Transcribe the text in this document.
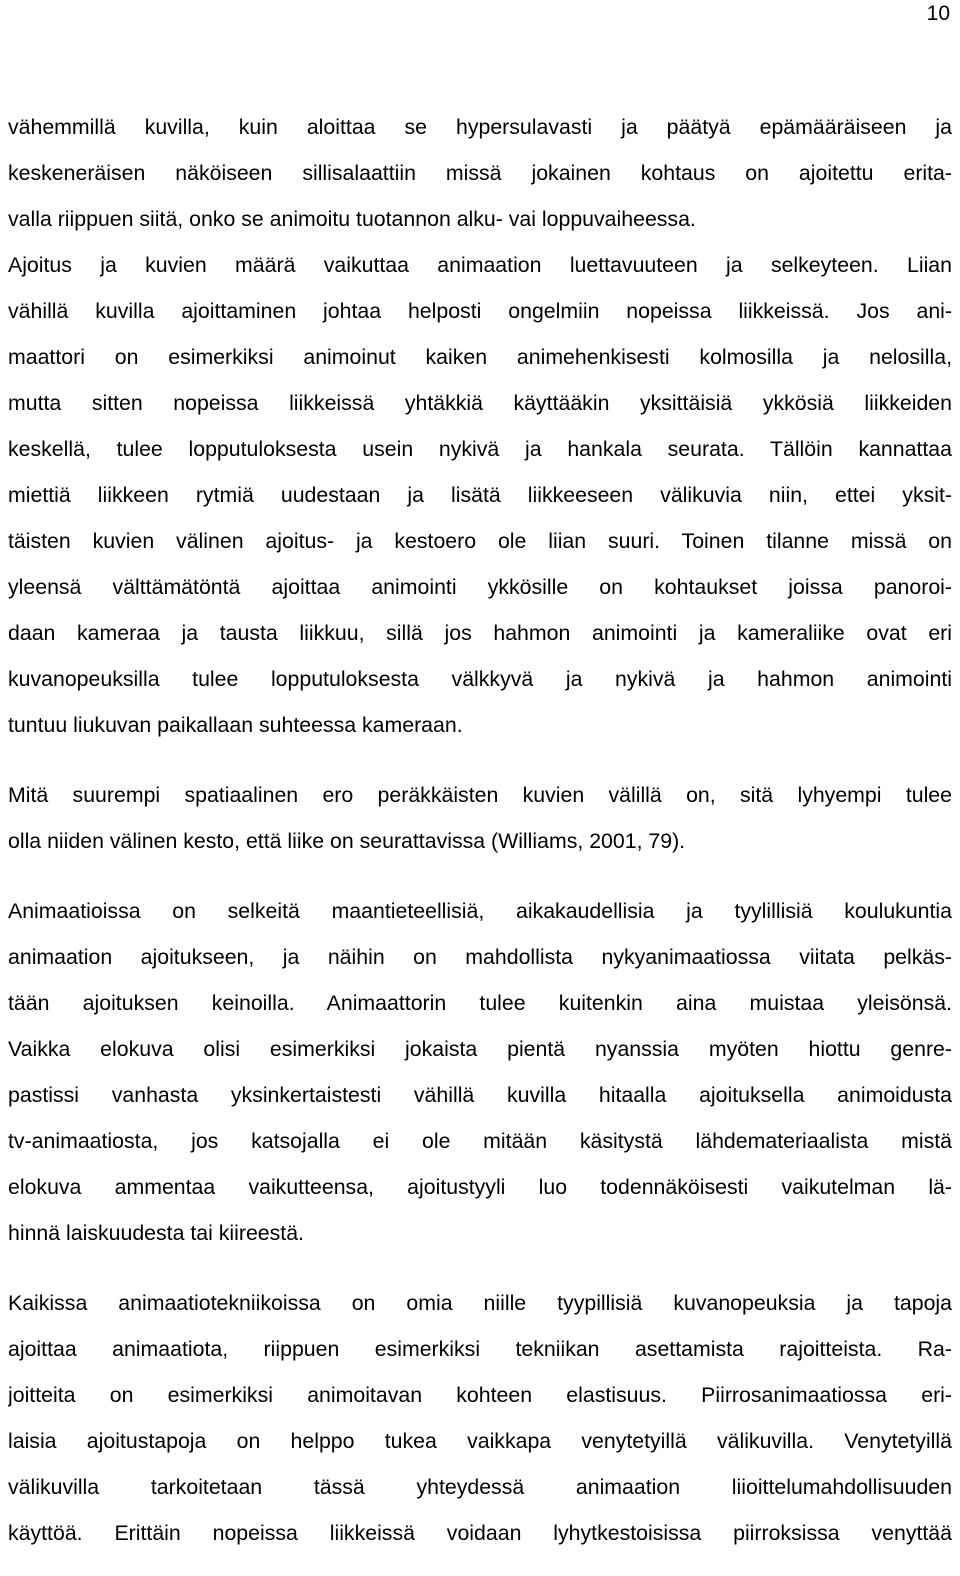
10
vähemmillä kuvilla, kuin aloittaa se hypersulavasti ja päätyä epämääräiseen ja
keskeneräisen näköiseen sillisalaattiin missä jokainen kohtaus on ajoitettu erita-
valla riippuen siitä, onko se animoitu tuotannon alku- vai loppuvaiheessa.
Ajoitus ja kuvien määrä vaikuttaa animaation luettavuuteen ja selkeyteen. Liian
vähillä kuvilla ajoittaminen johtaa helposti ongelmiin nopeissa liikkeissä. Jos ani-
maattori on esimerkiksi animoinut kaiken animehenkisesti kolmosilla ja nelosilla,
mutta sitten nopeissa liikkeissä yhtäkkiä käyttääkin yksittäisiä ykkösiä liikkeiden
keskellä, tulee lopputuloksesta usein nykivä ja hankala seurata. Tällöin kannattaa
miettiä liikkeen rytmiä uudestaan ja lisätä liikkeeseen välikuvia niin, ettei yksit-
täisten kuvien välinen ajoitus- ja kestoero ole liian suuri. Toinen tilanne missä on
yleensä välttämätöntä ajoittaa animointi ykkösille on kohtaukset joissa panoroi-
daan kameraa ja tausta liikkuu, sillä jos hahmon animointi ja kameraliike ovat eri
kuvanopeuksilla tulee lopputuloksesta välkkyvä ja nykivä ja hahmon animointi
tuntuu liukuvan paikallaan suhteessa kameraan.
Mitä suurempi spatiaalinen ero peräkkäisten kuvien välillä on, sitä lyhyempi tulee
olla niiden välinen kesto, että liike on seurattavissa (Williams, 2001, 79).
Animaatioissa on selkeitä maantieteellisiä, aikakaudellisia ja tyylillisiä koulukuntia
animaation ajoitukseen, ja näihin on mahdollista nykyanimaatiossa viitata pelkäs-
tään ajoituksen keinoilla. Animaattorin tulee kuitenkin aina muistaa yleisönsä.
Vaikka elokuva olisi esimerkiksi jokaista pientä nyanssia myöten hiottu genre-
pastissi vanhasta yksinkertaistesti vähillä kuvilla hitaalla ajoituksella animoidusta
tv-animaatiosta, jos katsojalla ei ole mitään käsitystä lähdemateriaalista mistä
elokuva ammentaa vaikutteensa, ajoitustyyli luo todennäköisesti vaikutelman lä-
hinnä laiskuudesta tai kiireestä.
Kaikissa animaatiotekniikoissa on omia niille tyypillisiä kuvanopeuksia ja tapoja
ajoittaa animaatiota, riippuen esimerkiksi tekniikan asettamista rajoitteista. Ra-
joitteita on esimerkiksi animoitavan kohteen elastisuus. Piirrosanimaatiossa eri-
laisia ajoitustapoja on helppo tukea vaikkapa venytetyillä välikuvilla. Venytetyillä
välikuvilla tarkoitetaan tässä yhteydessä animaation liioittelumahdollisuuden
käyttöä. Erittäin nopeissa liikkeissä voidaan lyhytkestoisissa piirroksissa venyttää
